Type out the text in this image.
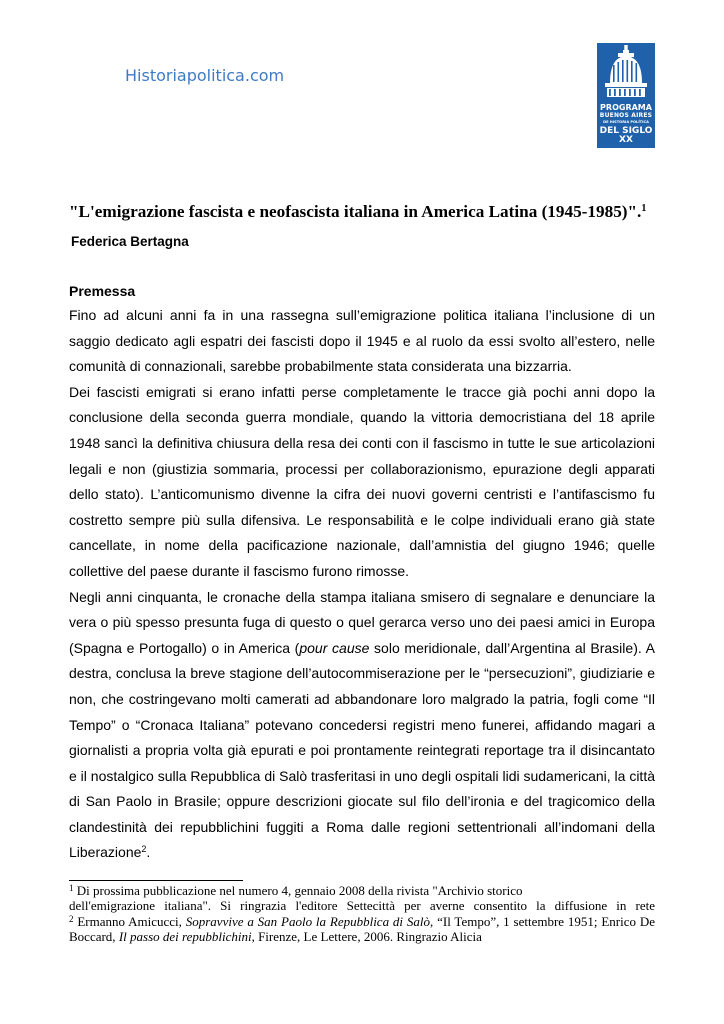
Historiapolitica.com
PROGRAMA
BUENOS AIRES
DE HISTORIA POLÍTICA
DEL SIGLO XX
"L'emigrazione fascista e neofascista italiana in America Latina (1945-1985)".$^1$
Federica Bertagna
Premessa

Fino ad alcuni anni fa in una rassegna sull’emigrazione politica italiana l’inclusione di un saggio dedicato agli espatri dei fascisti dopo il 1945 e al ruolo da essi svolto all’estero, nelle comunità di connazionali, sarebbe probabilmente stata considerata una bizzarria.

Dei fascisti emigrati si erano infatti perse completamente le tracce già pochi anni dopo la conclusione della seconda guerra mondiale, quando la vittoria democristiana del 18 aprile 1948 sancì la definitiva chiusura della resa dei conti con il fascismo in tutte le sue articolazioni legali e non (giustizia sommaria, processi per collaborazionismo, epurazione degli apparati dello stato). L’anticomunismo divenne la cifra dei nuovi governi centristi e l’antifascismo fu costretto sempre più sulla difensiva. Le responsabilità e le colpe individuali erano già state cancellate, in nome della pacificazione nazionale, dall’amnistia del giugno 1946; quelle collettive del paese durante il fascismo furono rimosse.

Negli anni cinquanta, le cronache della stampa italiana smisero di segnalare e denunciare la vera o più spesso presunta fuga di questo o quel gerarca verso uno dei paesi amici in Europa (Spagna e Portogallo) o in America (pour cause solo meridionale, dall’Argentina al Brasile). A destra, conclusa la breve stagione dell’autocommiserazione per le “persecuzioni”, giudiziarie e non, che costringevano molti camerati ad abbandonare loro malgrado la patria, fogli come “Il Tempo” o “Cronaca Italiana” potevano concedersi registri meno funerei, affidando magari a giornalisti a propria volta già epurati e poi prontamente reintegrati reportage tra il disincantato e il nostalgico sulla Repubblica di Salò trasferitasi in uno degli ospitali lidi sudamericani, la città di San Paolo in Brasile; oppure descrizioni giocate sul filo dell’ironia e del tragicomico della clandestinità dei repubblichini fuggiti a Roma dalle regioni settentrionali all’indomani della Liberazione$^2$.

$^1$ Di prossima pubblicazione nel numero 4, gennaio 2008 della rivista "Archivio storico

dell'emigrazione italiana". Si ringrazia l'editore Settecittà per averne consentito la diffusione in rete

$^2$ Ermanno Amicucci, Sopravvive a San Paolo la Repubblica di Salò, “Il Tempo”, 1 settembre 1951; Enrico De Boccard, Il passo dei repubblichini, Firenze, Le Lettere, 2006. Ringrazio Alicia
